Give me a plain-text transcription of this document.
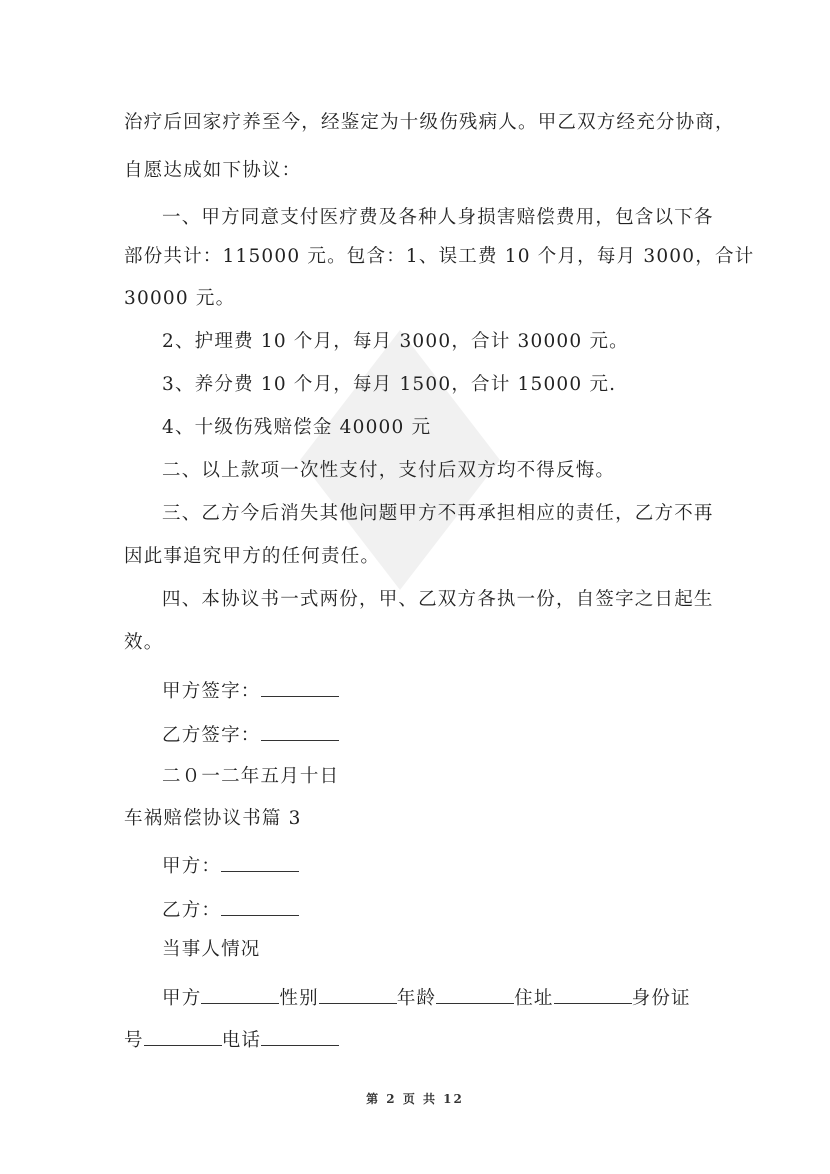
治疗后回家疗养至今，经鉴定为十级伤残病人。甲乙双方经充分协商，
自愿达成如下协议：
一、甲方同意支付医疗费及各种人身损害赔偿费用，包含以下各
部份共计：115000 元。包含：1、误工费 10 个月，每月 3000，合计
30000 元。
2、护理费 10 个月，每月 3000，合计 30000 元。
3、养分费 10 个月，每月 1500，合计 15000 元.
4、十级伤残赔偿金 40000 元
二、以上款项一次性支付，支付后双方均不得反悔。
三、乙方今后消失其他问题甲方不再承担相应的责任，乙方不再
因此事追究甲方的任何责任。
四、本协议书一式两份，甲、乙双方各执一份，自签字之日起生
效。
甲方签字：
乙方签字：
二０一二年五月十日
车祸赔偿协议书篇 3
甲方：
乙方：
当事人情况
甲方	性别	年龄	住址	身份证
号	电话
第 2 页 共 12
